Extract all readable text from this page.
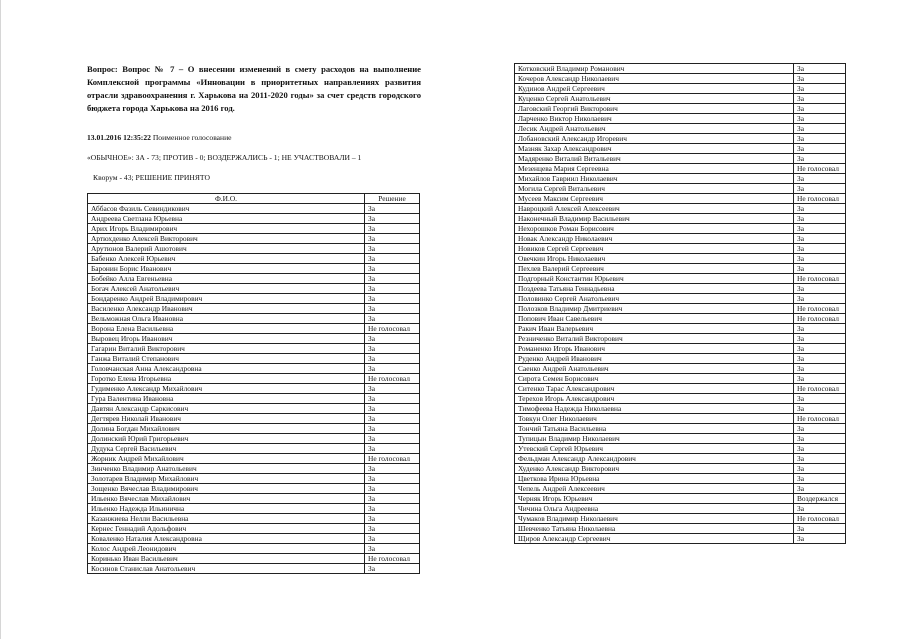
Вопрос: Вопрос № 7 – О внесении изменений в смету расходов на выполнение Комплексной программы «Инновации в приоритетных направлениях развития отрасли здравоохранения г. Харькова на 2011-2020 годы» за счет средств городского бюджета города Харькова на 2016 год.
13.01.2016 12:35:22 Поименное голосование
«ОБЫЧНОЕ»: ЗА - 73; ПРОТИВ - 0; ВОЗДЕРЖАЛИСЬ - 1; НЕ УЧАСТВОВАЛИ – 1
Кворум - 43; РЕШЕНИЕ ПРИНЯТО
Ф.И.О.	Решение
Аббасов Фазиль Севиндикович	За
Андреева Светлана Юрьевна	За
Арих Игорь Владимирович	За
Артюхденко Алексей Викторович	За
Арутюнов Валерий Ашотович	За
Бабенко Алексей Юрьевич	За
Баронин Борис Иванович	За
Бобейко Алла Евгеньевна	За
Богач Алексей Анатольевич	За
Бондаренко Андрей Владимирович	За
Василенко Александр Иванович	За
Вельможная Ольга Ивановна	За
Ворона Елена Васильевна	Не голосовал
Выровец Игорь Иванович	За
Гагарин Виталий Викторович	За
Ганжа Виталий Степанович	За
Головчанская Анна Александровна	За
Горотко Елена Игорьевна	Не голосовал
Гудименко Александр Михайлович	За
Гура Валентина Ивановна	За
Давтян Александр Саркисович	За
Дегтярев Николай Иванович	За
Долина Богдан Михайлович	За
Долинский Юрий Григорьевич	За
Дудука Сергей Васильевич	За
Жорник Андрей Михайлович	Не голосовал
Зинченко Владимир Анатольевич	За
Золотарев Владимир Михайлович	За
Зощенко Вячеслав Владимирович	За
Ильенко Вячеслав Михайлович	За
Ильенко Надежда Ильинична	За
Казанжиева Нелли Васильевна	За
Кернес Геннадий Адольфович	За
Коваленко Наталия Александровна	За
Колос Андрей Леонидович	За
Коринько Иван Васильевич	Не голосовал
Косинов Станислав Анатольевич	За
Котковский Владимир Романович	За
Кочеров Александр Николаевич	За
Кудинов Андрей Сергеевич	За
Куценко Сергей Анатольевич	За
Лаговский Георгий Викторович	За
Ларченко Виктор Николаевич	За
Лесик Андрей Анатольевич	За
Лобановский Александр Игоревич	За
Мазняк Захар Александрович	За
Мадяренко Виталий Витальевич	За
Мезенцева Мария Сергеевна	Не голосовал
Михайлов Гавриил Николаевич	За
Могила Сергей Витальевич	За
Мусеев Максим Сергеевич	Не голосовал
Навроцкий Алексей Алексеевич	За
Наконечный Владимир Васильевич	За
Нехорошков Роман Борисович	За
Новак Александр Николаевич	За
Новиков Сергей Сергеевич	За
Овечкин Игорь Николаевич	За
Пехлев Валерий Сергеевич	За
Подгорный Константин Юрьевич	Не голосовал
Поздеева Татьяна Геннадьевна	За
Половинко Сергей Анатольевич	За
Полозков Владимир Дмитриевич	Не голосовал
Попович Иван Савельевич	Не голосовал
Ракич Иван Валерьевич	За
Резниченко Виталий Викторович	За
Романенко Игорь Иванович	За
Руденко Андрей Иванович	За
Саенко Андрей Анатольевич	За
Сирота Семен Борисович	За
Ситенко Тарас Александрович	Не голосовал
Терехов Игорь Александрович	За
Тимофеева Надежда Николаевна	За
Товкун Олег Николаевич	Не голосовал
Тончий Татьяна Васильевна	За
Тупицын Владимир Николаевич	За
Утевский Сергей Юрьевич	За
Фельдман Александр Александрович	За
Худенко Александр Викторович	За
Цветкова Ирина Юрьевна	За
Чепель Андрей Алексеевич	За
Черняк Игорь Юрьевич	Воздержался
Чичина Ольга Андреевна	За
Чумаков Владимир Николаевич	Не голосовал
Шевченко Татьяна Николаевна	За
Щиров Александр Сергеевич	За
